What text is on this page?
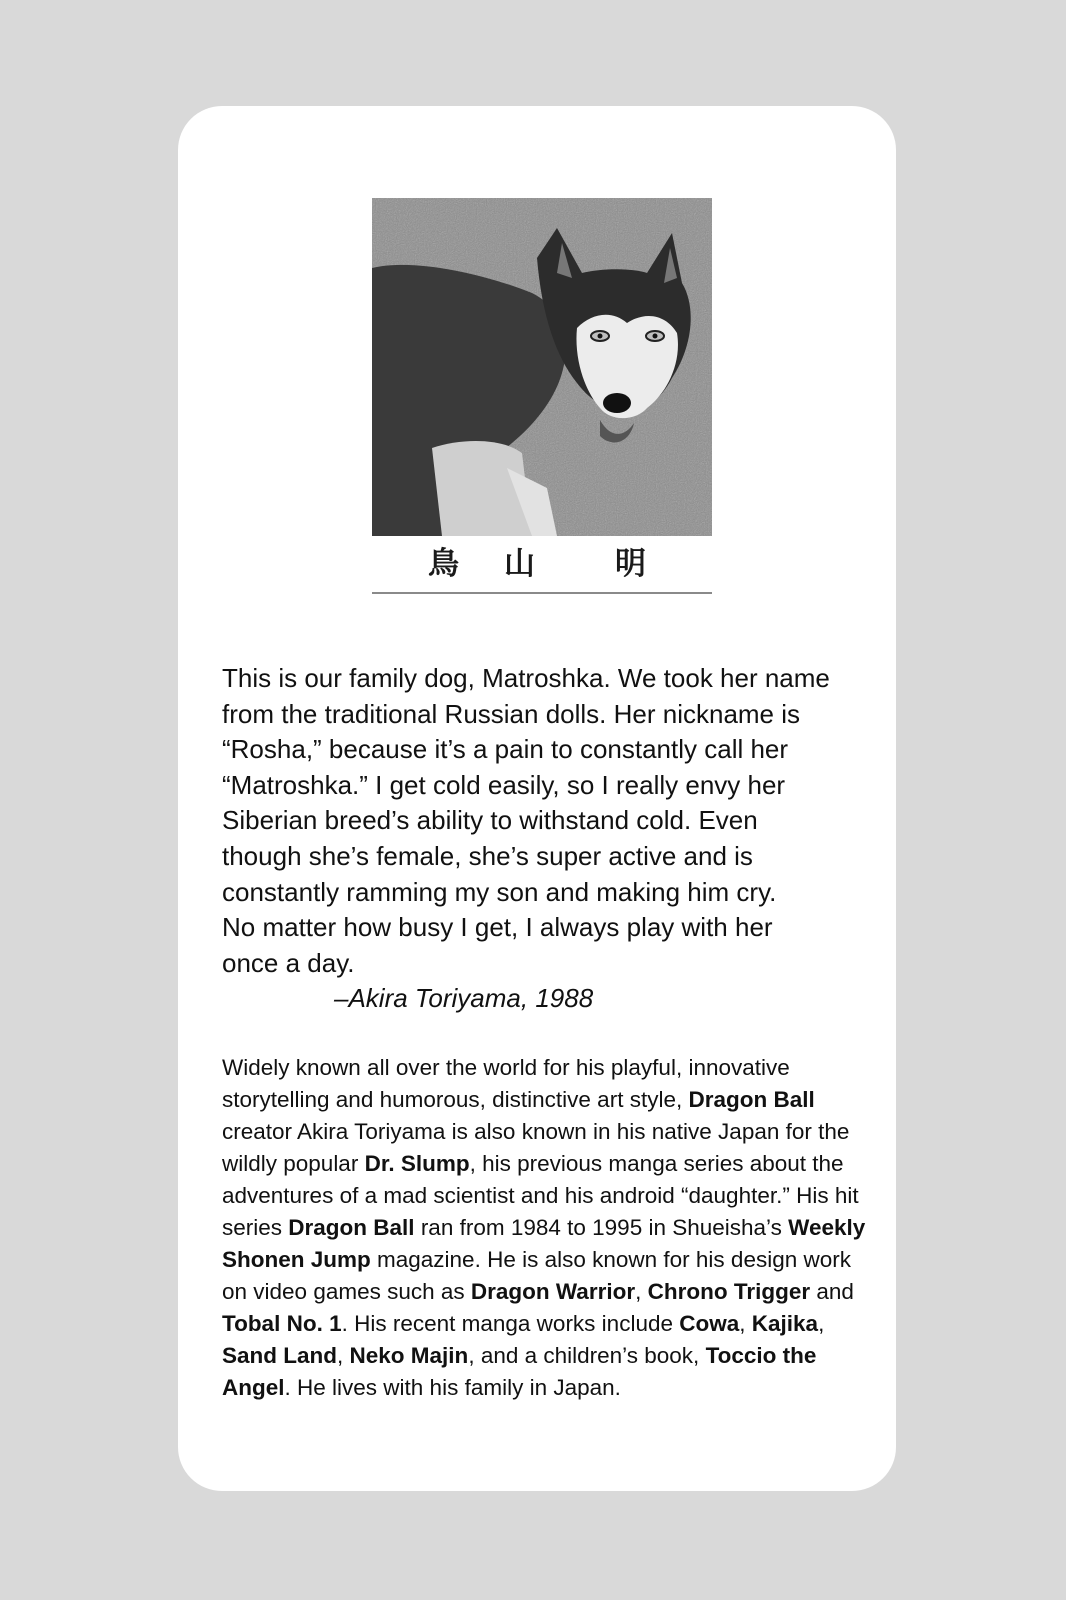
鳥 山	明

This is our family dog, Matroshka. We took her name

from the traditional Russian dolls. Her nickname is

“Rosha,” because it’s a pain to constantly call her

“Matroshka.” I get cold easily, so I really envy her

Siberian breed’s ability to withstand cold. Even

though she’s female, she’s super active and is

constantly ramming my son and making him cry.

No matter how busy I get, I always play with her

once a day.

–Akira Toriyama, 1988

Widely known all over the world for his playful, innovative storytelling and humorous, distinctive art style, Dragon Ball creator Akira Toriyama is also known in his native Japan for the wildly popular Dr. Slump, his previous manga series about the adventures of a mad scientist and his android “daughter.” His hit series Dragon Ball ran from 1984 to 1995 in Shueisha’s Weekly Shonen Jump magazine. He is also known for his design work on video games such as Dragon Warrior, Chrono Trigger and Tobal No. 1. His recent manga works include Cowa, Kajika, Sand Land, Neko Majin, and a children’s book, Toccio the Angel. He lives with his family in Japan.
